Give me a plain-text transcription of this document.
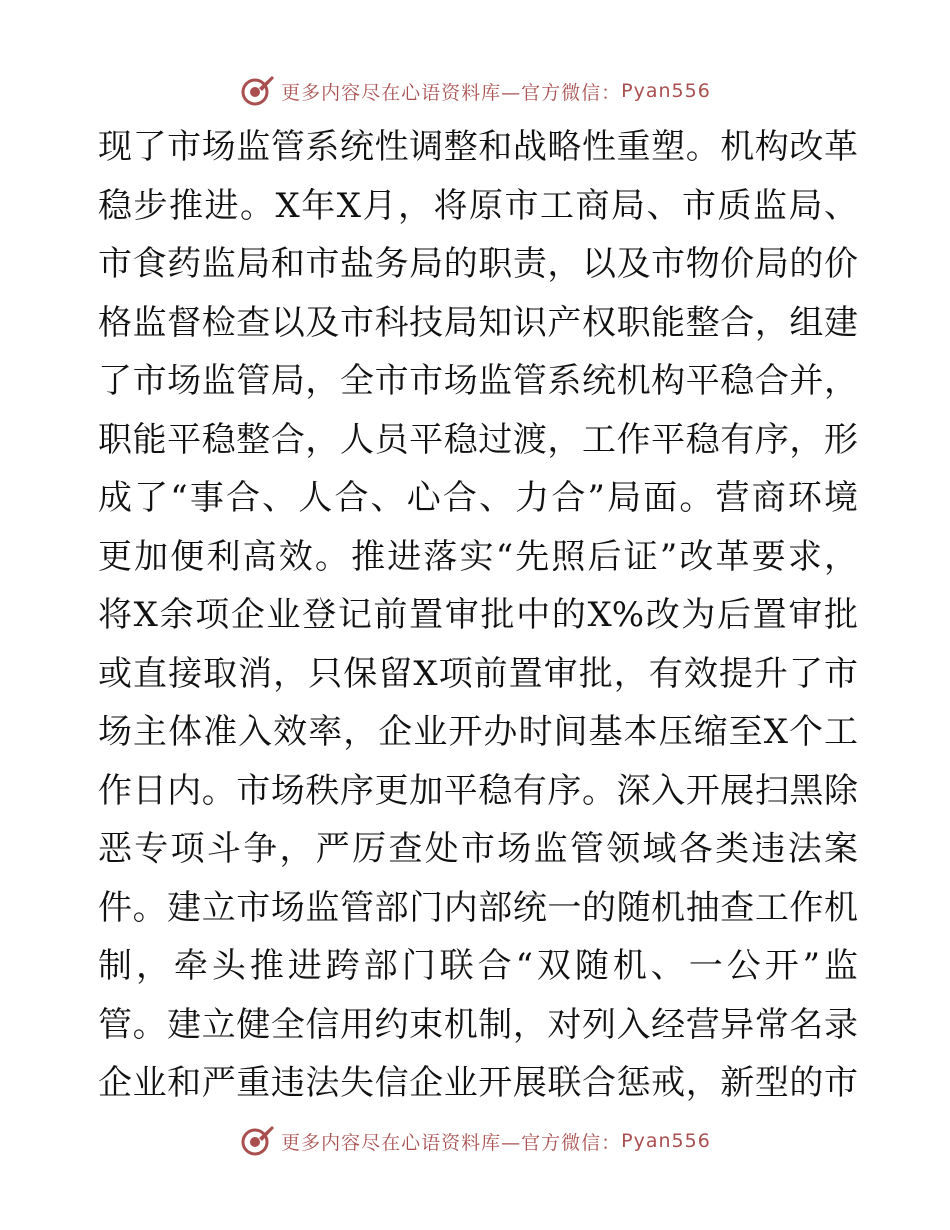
更多内容尽在心语资料库—官方微信： Pyan556
现了市场监管系统性调整和战略性重塑。机构改革
稳步推进。X年X月，将原市工商局、市质监局、
市食药监局和市盐务局的职责，以及市物价局的价
格监督检查以及市科技局知识产权职能整合，组建
了市场监管局，全市市场监管系统机构平稳合并，
职能平稳整合，人员平稳过渡，工作平稳有序，形
成了“事合、人合、心合、力合”局面。营商环境
更加便利高效。推进落实“先照后证”改革要求，
将X余项企业登记前置审批中的X%改为后置审批
或直接取消，只保留X项前置审批，有效提升了市
场主体准入效率，企业开办时间基本压缩至X个工
作日内。市场秩序更加平稳有序。深入开展扫黑除
恶专项斗争，严厉查处市场监管领域各类违法案
件。建立市场监管部门内部统一的随机抽查工作机
制，牵头推进跨部门联合“双随机、一公开”监
管。建立健全信用约束机制，对列入经营异常名录
企业和严重违法失信企业开展联合惩戒，新型的市
更多内容尽在心语资料库—官方微信： Pyan556
